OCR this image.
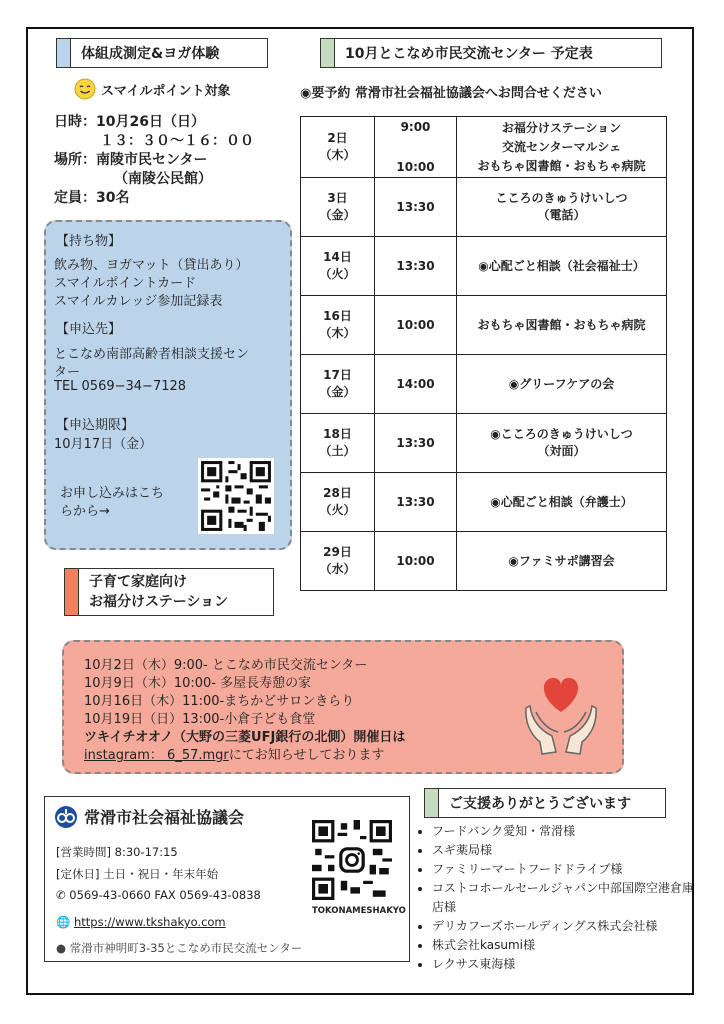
体組成測定&ヨガ体験
スマイルポイント対象
日時：10月26日（日）
１３：３０〜１６：００
場所：南陵市民センター
（南陵公民館）
定員：30名
【持ち物】
飲み物、ヨガマット（貸出あり）
スマイルポイントカード
スマイルカレッジ参加記録表
【申込先】
とこなめ南部高齢者相談支援セン
ター
TEL 0569−34−7128
【申込期限】
10月17日（金）
お申し込みはこち
らから→
子育て家庭向け
お福分けステーション
10月とこなめ市民交流センター 予定表
◉要予約 常滑市社会福祉協議会へお問合せください
2日
（木）	9:00

10:00	お福分けステーション
交流センターマルシェ
おもちゃ図書館・おもちゃ病院
3日
（金）	13:30	こころのきゅうけいしつ
（電話）
14日
（火）	13:30	◉心配ごと相談（社会福祉士）
16日
（木）	10:00	おもちゃ図書館・おもちゃ病院
17日
（金）	14:00	◉グリーフケアの会
18日
（土）	13:30	◉こころのきゅうけいしつ
（対面）
28日
（火）	13:30	◉心配ごと相談（弁護士）
29日
（水）	10:00	◉ファミサポ講習会
10月2日（木）9:00- とこなめ市民交流センター
10月9日（木）10:00- 多屋長寿憩の家
10月16日（木）11:00-まちかどサロンきらり
10月19日（日）13:00-小倉子ども食堂
ツキイチオオノ（大野の三菱UFJ銀行の北側）開催日は
instagram： 6_57.mgrにてお知らせしております
常滑市社会福祉協議会
[営業時間] 8:30-17:15
[定休日] 土日・祝日・年末年始
✆ 0569-43-0660 FAX 0569-43-0838
🌐 https://www.tkshakyo.com
● 常滑市神明町3-35とこなめ市民交流センター
TOKONAMESHAKYO
ご支援ありがとうございます
• フードバンク愛知・常滑様
• スギ薬局様
• ファミリーマートフードドライブ様
• コストコホールセールジャパン中部国際空港倉庫店様
• デリカフーズホールディングス株式会社様
• 株式会社kasumi様
• レクサス東海様
